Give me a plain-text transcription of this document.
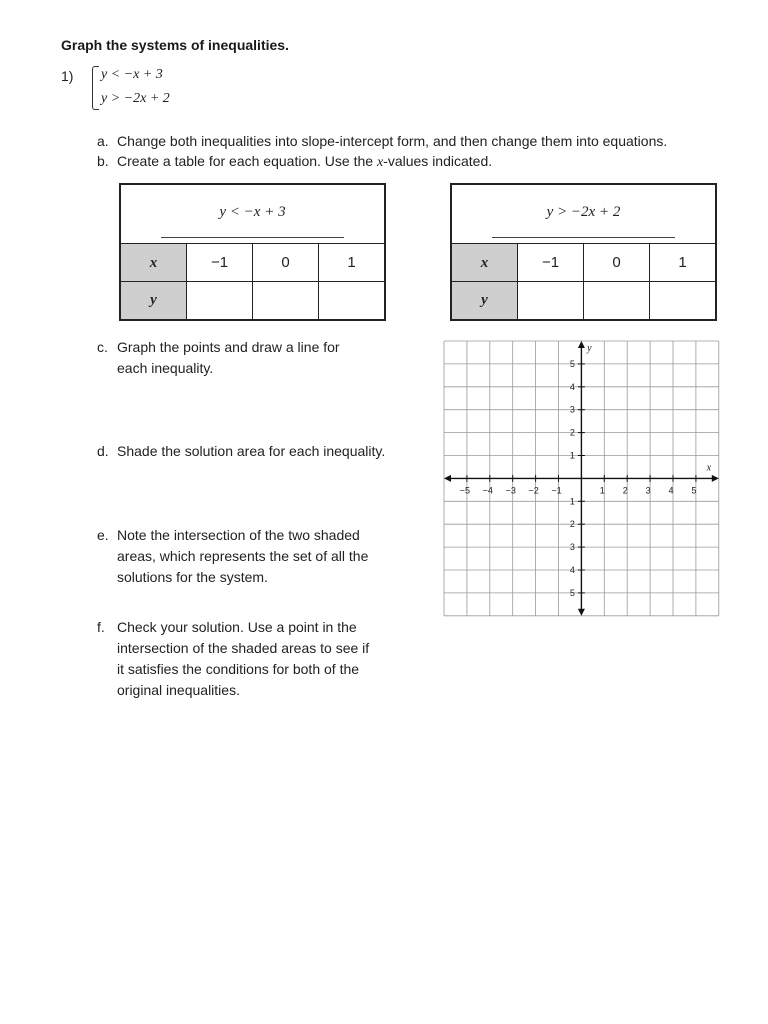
Graph the systems of inequalities.
1) y < −x + 3
y > −2x + 2
a. Change both inequalities into slope-intercept form, and then change them into equations.
b. Create a table for each equation. Use the x-values indicated.
y < −x + 3
x	−1	0	1
y
y > −2x + 2
x	−1	0	1
y
c. Graph the points and draw a line for
each inequality.
d. Shade the solution area for each inequality.
e. Note the intersection of the two shaded
areas, which represents the set of all the
solutions for the system.
f. Check your solution. Use a point in the
intersection of the shaded areas to see if
it satisfies the conditions for both of the
original inequalities.
−5 −4 −3 −2 −1	1 2 3 4 5
1
2
3
4
5
1
2
3
4
5
x
y
